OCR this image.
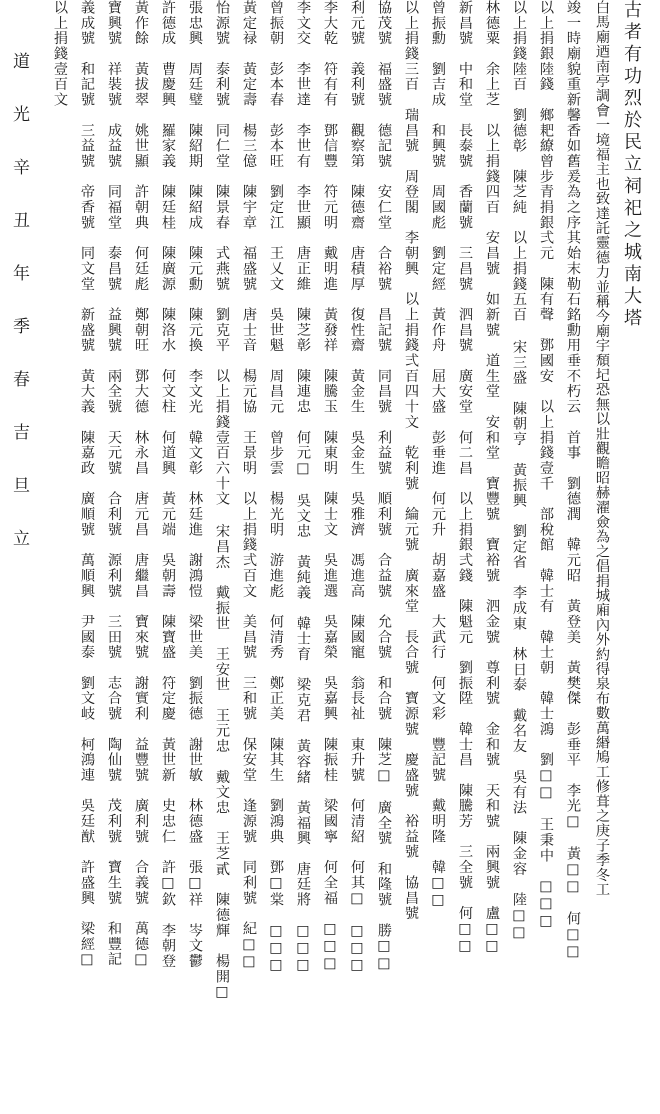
古者有功烈於民立祠祀之城南大塔
白馬廟迺南亭調會一境福主也致達託靈德力並稱今廟宇頹圮恐無以壯觀瞻昭赫濯僉為之倡捐城廂內外約得泉布數萬緡鳩工修葺之庚子季冬工
竣一時廟貌重新馨香如舊爰為之序其始末勒石銘勳用垂不朽云　首事　劉德潤　韓元昭　黃登美　黃樊傑　彭垂平　李光□　黃□□　何□□
以上捐銀陸錢　鄉耙繚曾步青捐銀弍元　陳有聲　鄧國安　以上捐錢壹千　部稅館　韓士有　韓士朝　韓士鴻　劉□□　王秉中　□□□
以上捐錢陸百　劉德彰　陳芝純　以上捐錢五百 宋三盛　陳朝亨　黃振興　劉定省　李成東　林日泰　戴名友　吳有法　陳金容　陸□□
林德粟　余上芝　以上捐錢四百　安昌號　如新號　道生堂　安和堂　寶豐號　寶裕號　泗金號　尊利號　金和號　天和號　兩興號　盧□□
新昌號　中和堂　長泰號　香蘭號　三昌號　泗昌號　廣安堂　何二昌　以上捐銀弍錢　陳魁元　劉振陞　韓士昌　陳騰芳　三全號　何□□
曾振勳　劉吉成　和興號　周國彪　劉定經　黃作舟　屈大盛　彭垂進　何元升　胡嘉盛　大武行　何文彩　豐記號　戴明隆　韓□□
以上捐錢三百　瑞昌號　周登閣　李朝興　以上捐錢弍百四十文　乾利號　綸元號　廣來堂　長合號　寶源號　慶盛號　裕益號　協昌號
協茂號　福盛號　德記號　安仁堂　合裕號　昌記號　同昌號　利益號　順利號　合益號　允合號　和合號　陳芝□　廣全號　和隆號　勝□□
利元號　義利號　觀察第　陳德齋　唐積厚　復性齋　黃金生　吳金生　吳雅濟　馮進高　陳國寵　翁長祉　東升號　何清紹　何其□　□□□
李大乾　符有有　鄧信豐　符元明　戴明進　黃發祥　陳騰玉　陳東明　陳士文　吳進選　吳嘉榮　吳嘉興　陳振桂　梁國寧　何全福　□□□
李文交　李世達　李世有　李世顯　唐正維　陳芝彰　陳連忠　何元□　吳文忠　黃純義　韓士育　梁克君　黃容緒　黃福興　唐廷將　□□□
曾振朝　彭本春　彭本旺　劉定江　王乂文　吳世魁　周昌元　曾步雲　楊光明　游進彪　何清秀　鄭正美　陳其生　劉鴻典　鄧□棠　□□□
黃定禄　黃定壽　楊三億　陳宇章　福盛號　唐士音　楊元協　王景明　以上捐錢弍百文　美昌號　三和號　保安堂　逢源號　同利號　紀□□
怡源號　泰利號　同仁堂　陳景春　式燕號　劉克平　以上捐錢壹百六十文 宋昌杰　戴振世　王安世　王元忠　戴文忠　王芝貳　陳德輝　楊開□
張忠興　周廷璧　陳紹期　陳紹成　陳元勳　陳元換　李文光　韓文彰　林廷進　謝鴻愷　梁世美　劉振德　謝世敏　林德盛　張□祥　岑文鬱
許德成　曹慶興　羅家義　陳廷桂　陳廣源　陳洛水　何文柱　何道興　黃元端　吳朝壽　陳寶盛　符定慶　黃世新　史忠仁　許□欽　李朝登
黃作餘　黃拔翠　姚世顯　許朝典　何廷彪　鄭朝旺　鄧大德　林永昌　唐元昌　唐繼昌　寶來號　謝實利　益豐號　廣利號　合義號　萬德□
寶興號　祥裝號　成益號　同福堂　泰昌號　益興號　兩全號　天元號　合利號　源利號　三田號　志合號　陶仙號　茂利號　寶生號　和豐記
義成號　和記號　三益號　帝香號　同文堂　新盛號　黃大義　陳嘉政　廣順號　萬順興　尹國泰　劉文岐　柯鴻連　吳廷猷　許盛興　梁經□
以上捐錢壹百文
道光辛丑年季春吉旦立
